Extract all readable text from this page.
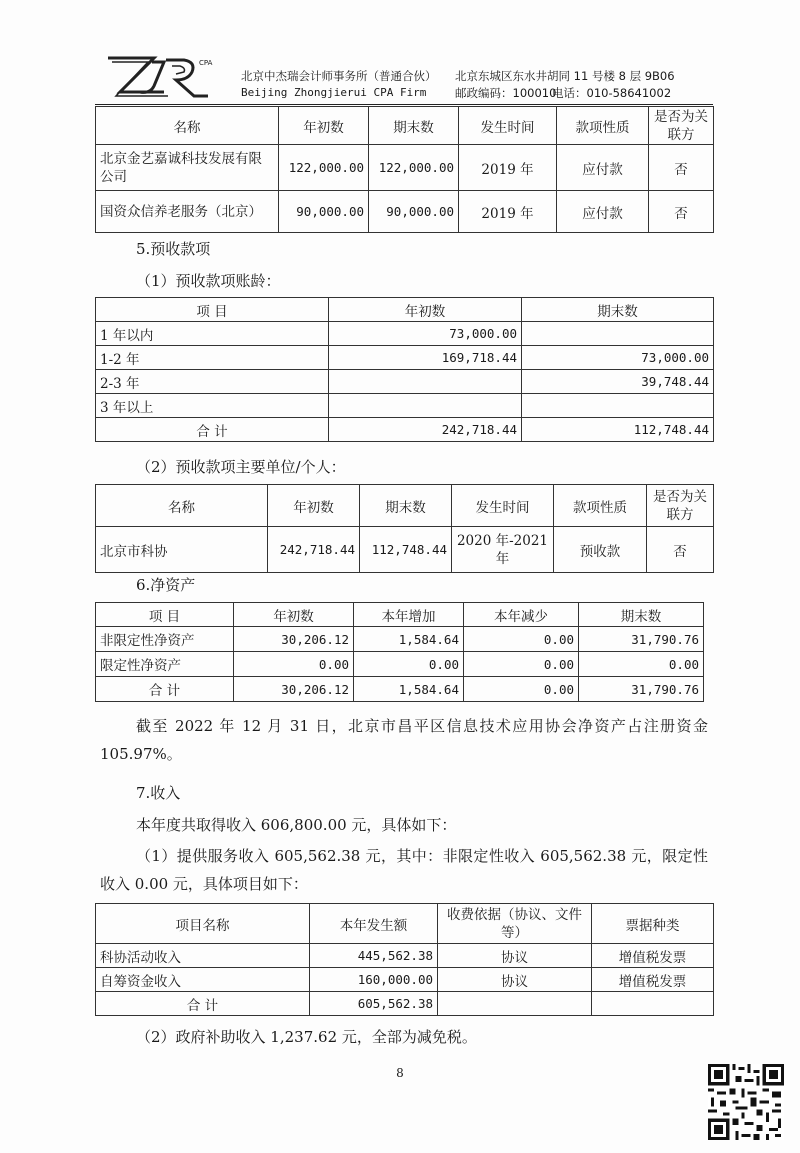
CPA
北京中杰瑞会计师事务所（普通合伙）
Beijing Zhongjierui CPA Firm
北京东城区东水井胡同 11 号楼 8 层 9B06
邮政编码：100010
电话：010-58641002
名称	年初数	期末数	发生时间	款项性质	是否为关联方
北京金艺嘉诚科技发展有限公司	122,000.00	122,000.00	2019 年	应付款	否
国资众信养老服务（北京）	90,000.00	90,000.00	2019 年	应付款	否
5.预收款项
（1）预收款项账龄：
项 目	年初数	期末数
1 年以内	73,000.00	
1-2 年	169,718.44	73,000.00
2-3 年		39,748.44
3 年以上		
合 计	242,718.44	112,748.44
（2）预收款项主要单位/个人：
名称	年初数	期末数	发生时间	款项性质	是否为关联方
北京市科协	242,718.44	112,748.44	2020 年-2021 年	预收款	否
6.净资产
项 目	年初数	本年增加	本年减少	期末数
非限定性净资产	30,206.12	1,584.64	0.00	31,790.76
限定性净资产	0.00	0.00	0.00	0.00
合 计	30,206.12	1,584.64	0.00	31,790.76
截至 2022 年 12 月 31 日，北京市昌平区信息技术应用协会净资产占注册资金 105.97%。
7.收入
本年度共取得收入 606,800.00 元，具体如下：
（1）提供服务收入 605,562.38 元，其中：非限定性收入 605,562.38 元，限定性收入 0.00 元，具体项目如下：
项目名称	本年发生额	收费依据（协议、文件等）	票据种类
科协活动收入	445,562.38	协议	增值税发票
自筹资金收入	160,000.00	协议	增值税发票
合 计	605,562.38		
（2）政府补助收入 1,237.62 元，全部为减免税。
8
